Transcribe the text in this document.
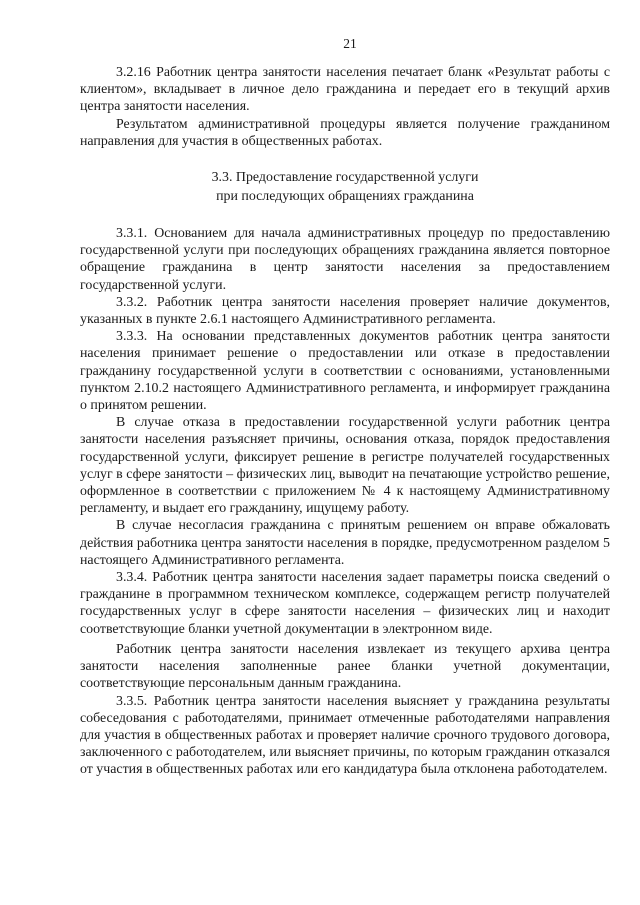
21

3.2.16 Работник центра занятости населения печатает бланк «Результат работы с клиентом», вкладывает в личное дело гражданина и передает его в текущий архив центра занятости населения.

Результатом административной процедуры является получение гражданином направления для участия в общественных работах.

3.3. Предоставление государственной услуги
при последующих обращениях гражданина

3.3.1. Основанием для начала административных процедур по предоставлению государственной услуги при последующих обращениях гражданина является повторное обращение гражданина в центр занятости населения за предоставлением государственной услуги.

3.3.2. Работник центра занятости населения проверяет наличие документов, указанных в пункте 2.6.1 настоящего Административного регламента.

3.3.3. На основании представленных документов работник центра занятости населения принимает решение о предоставлении или отказе в предоставлении гражданину государственной услуги в соответствии с основаниями, установленными пунктом 2.10.2 настоящего Административного регламента, и информирует гражданина о принятом решении.

В случае отказа в предоставлении государственной услуги работник центра занятости населения разъясняет причины, основания отказа, порядок предоставления государственной услуги, фиксирует решение в регистре получателей государственных услуг в сфере занятости – физических лиц, выводит на печатающие устройство решение, оформленное в соответствии с приложением № 4 к настоящему Административному регламенту, и выдает его гражданину, ищущему работу.

В случае несогласия гражданина с принятым решением он вправе обжаловать действия работника центра занятости населения в порядке, предусмотренном разделом 5 настоящего Административного регламента.

3.3.4. Работник центра занятости населения задает параметры поиска сведений о гражданине в программном техническом комплексе, содержащем регистр получателей государственных услуг в сфере занятости населения – физических лиц и находит соответствующие бланки учетной документации в электронном виде.

Работник центра занятости населения извлекает из текущего архива центра занятости населения заполненные ранее бланки учетной документации, соответствующие персональным данным гражданина.

3.3.5. Работник центра занятости населения выясняет у гражданина результаты собеседования с работодателями, принимает отмеченные работодателями направления для участия в общественных работах и проверяет наличие срочного трудового договора, заключенного с работодателем, или выясняет причины, по которым гражданин отказался от участия в общественных работах или его кандидатура была отклонена работодателем.
